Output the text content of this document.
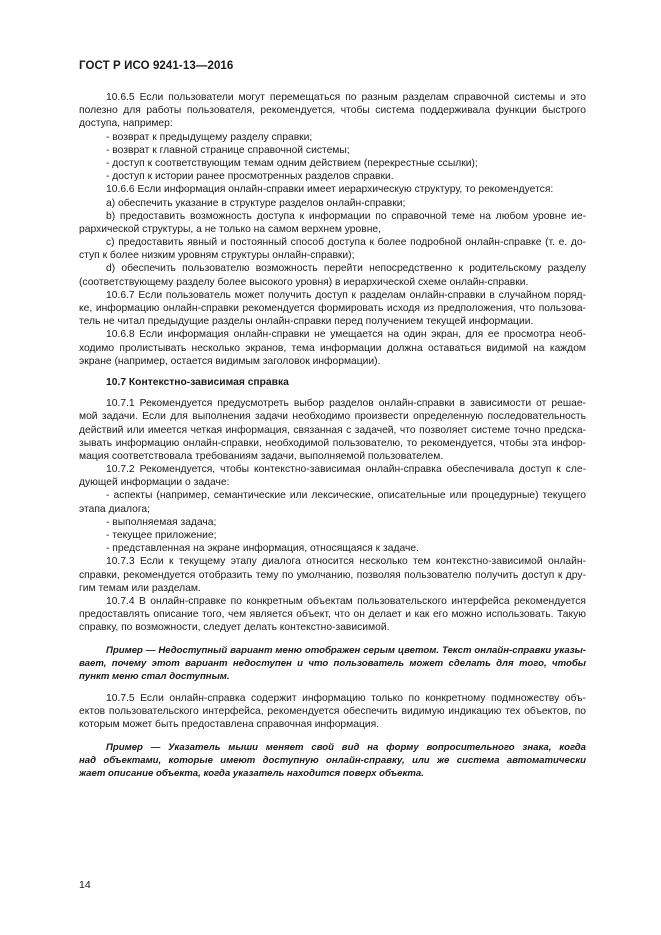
ГОСТ Р ИСО 9241-13—2016
10.6.5 Если пользователи могут перемещаться по разным разделам справочной системы и это
полезно для работы пользователя, рекомендуется, чтобы система поддерживала функции быстрого
доступа, например:
- возврат к предыдущему разделу справки;
- возврат к главной странице справочной системы;
- доступ к соответствующим темам одним действием (перекрестные ссылки);
- доступ к истории ранее просмотренных разделов справки.
10.6.6 Если информация онлайн-справки имеет иерархическую структуру, то рекомендуется:
a) обеспечить указание в структуре разделов онлайн-справки;
b) предоставить возможность доступа к информации по справочной теме на любом уровне ие-
рархической структуры, а не только на самом верхнем уровне,
c) предоставить явный и постоянный способ доступа к более подробной онлайн-справке (т. е. до-
ступ к более низким уровням структуры онлайн-справки);
d) обеспечить пользователю возможность перейти непосредственно к родительскому разделу
(соответствующему разделу более высокого уровня) в иерархической схеме онлайн-справки.
10.6.7 Если пользователь может получить доступ к разделам онлайн-справки в случайном поряд-
ке, информацию онлайн-справки рекомендуется формировать исходя из предположения, что пользова-
тель не читал предыдущие разделы онлайн-справки перед получением текущей информации.
10.6.8 Если информация онлайн-справки не умещается на один экран, для ее просмотра необ-
ходимо пролистывать несколько экранов, тема информации должна оставаться видимой на каждом
экране (например, остается видимым заголовок информации).
10.7 Контекстно-зависимая справка
10.7.1 Рекомендуется предусмотреть выбор разделов онлайн-справки в зависимости от решае-
мой задачи. Если для выполнения задачи необходимо произвести определенную последовательность
действий или имеется четкая информация, связанная с задачей, что позволяет системе точно предска-
зывать информацию онлайн-справки, необходимой пользователю, то рекомендуется, чтобы эта инфор-
мация соответствовала требованиям задачи, выполняемой пользователем.
10.7.2 Рекомендуется, чтобы контекстно-зависимая онлайн-справка обеспечивала доступ к сле-
дующей информации о задаче:
- аспекты (например, семантические или лексические, описательные или процедурные) текущего
этапа диалога;
- выполняемая задача;
- текущее приложение;
- представленная на экране информация, относящаяся к задаче.
10.7.3 Если к текущему этапу диалога относится несколько тем контекстно-зависимой онлайн-
справки, рекомендуется отобразить тему по умолчанию, позволяя пользователю получить доступ к дру-
гим темам или разделам.
10.7.4 В онлайн-справке по конкретным объектам пользовательского интерфейса рекомендуется
предоставлять описание того, чем является объект, что он делает и как его можно использовать. Такую
справку, по возможности, следует делать контекстно-зависимой.
Пример — Недоступный вариант меню отображен серым цветом. Текст онлайн-справки указы-
вает, почему этот вариант недоступен и что пользователь может сделать для того, чтобы
пункт меню стал доступным.
10.7.5 Если онлайн-справка содержит информацию только по конкретному подмножеству объ-
ектов пользовательского интерфейса, рекомендуется обеспечить видимую индикацию тех объектов, по
которым может быть предоставлена справочная информация.
Пример — Указатель мыши меняет свой вид на форму вопросительного знака, когда
над объектами, которые имеют доступную онлайн-справку, или же система автоматически
жает описание объекта, когда указатель находится поверх объекта.
14
